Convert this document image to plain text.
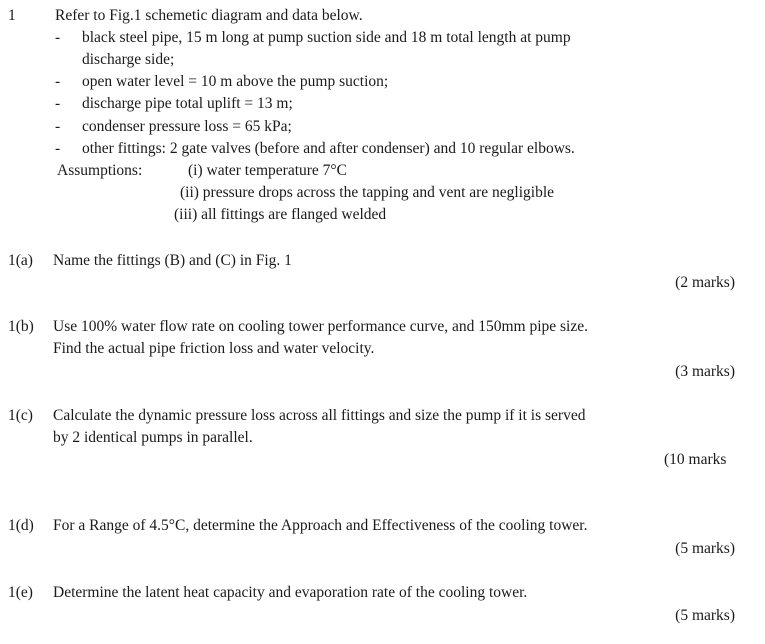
1	Refer to Fig.1 schemetic diagram and data below.
- black steel pipe, 15 m long at pump suction side and 18 m total length at pump
discharge side;
- open water level = 10 m above the pump suction;
- discharge pipe total uplift = 13 m;
- condenser pressure loss = 65 kPa;
- other fittings: 2 gate valves (before and after condenser) and 10 regular elbows.
Assumptions:	(i) water temperature 7°C
(ii) pressure drops across the tapping and vent are negligible
(iii) all fittings are flanged welded
1(a) Name the fittings (B) and (C) in Fig. 1
(2 marks)
1(b) Use 100% water flow rate on cooling tower performance curve, and 150mm pipe size.
Find the actual pipe friction loss and water velocity.
(3 marks)
1(c) Calculate the dynamic pressure loss across all fittings and size the pump if it is served
by 2 identical pumps in parallel.
(10 marks
1(d) For a Range of 4.5°C, determine the Approach and Effectiveness of the cooling tower.
(5 marks)
1(e) Determine the latent heat capacity and evaporation rate of the cooling tower.
(5 marks)
